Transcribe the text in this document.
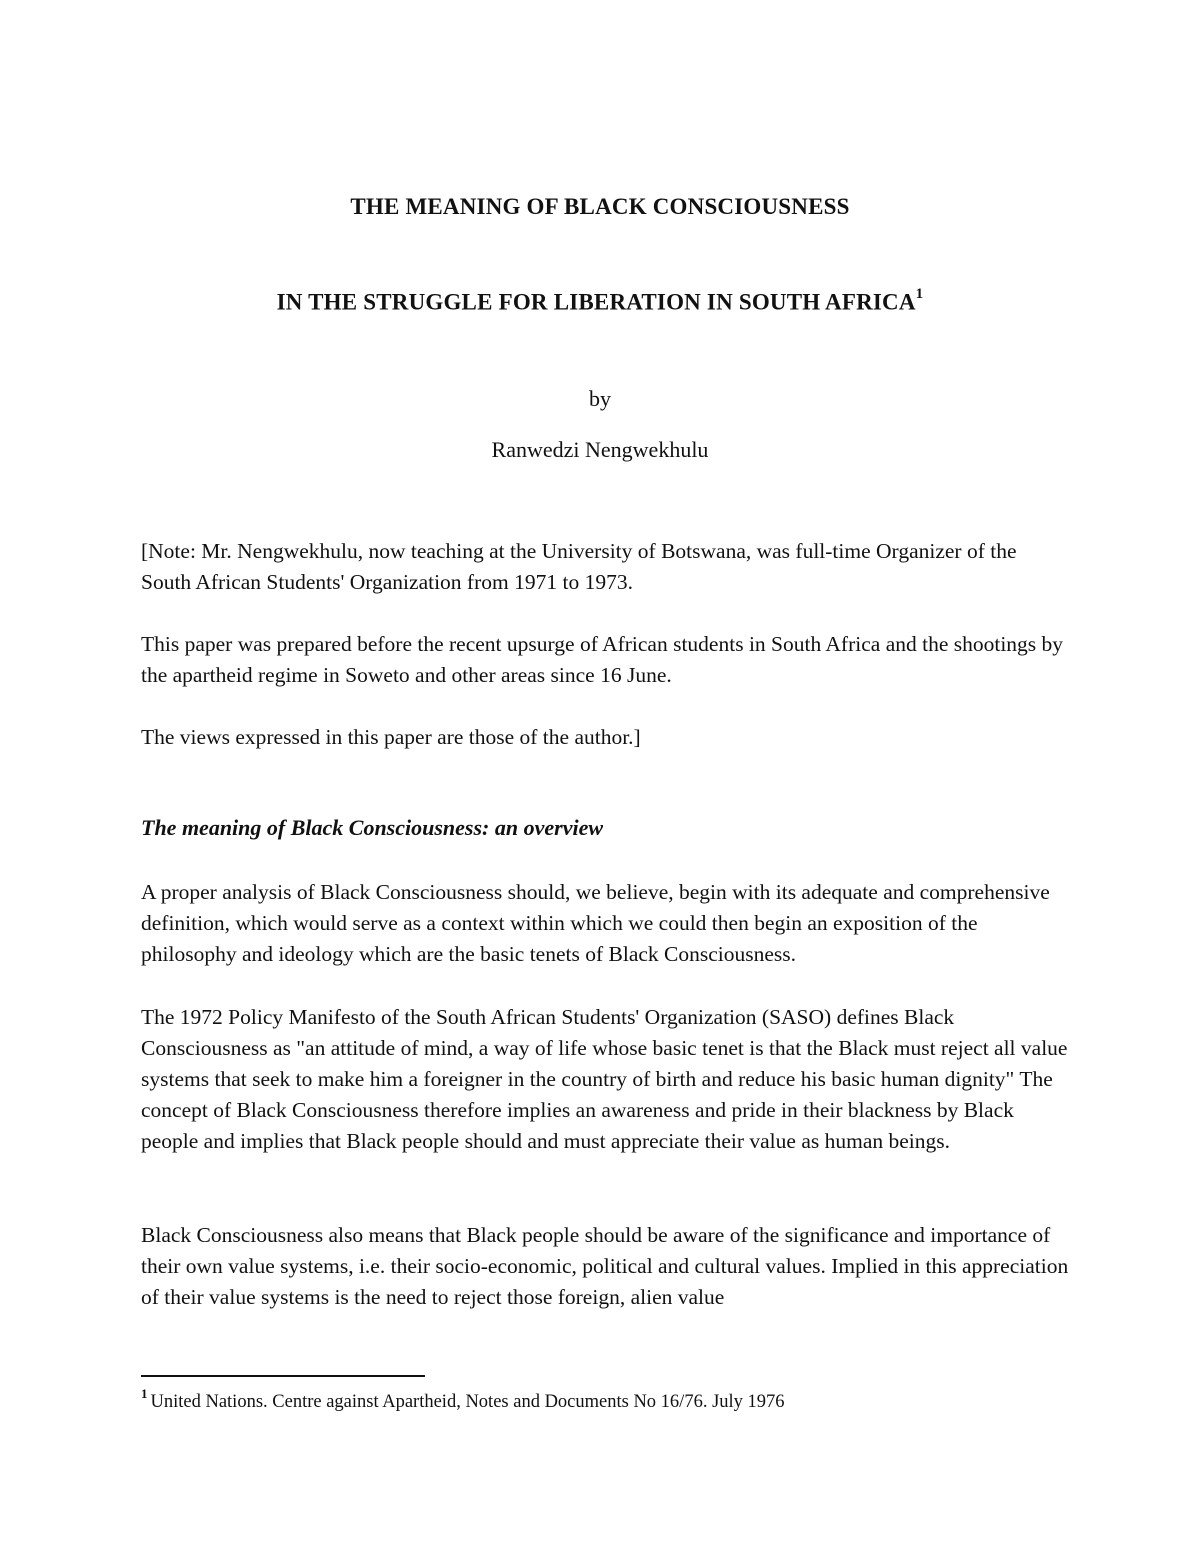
THE MEANING OF BLACK CONSCIOUSNESS
IN THE STRUGGLE FOR LIBERATION IN SOUTH AFRICA$^1$
by
Ranwedzi Nengwekhulu

[Note: Mr. Nengwekhulu, now teaching at the University of Botswana, was full-time Organizer of the South African Students' Organization from 1971 to 1973.

This paper was prepared before the recent upsurge of African students in South Africa and the shootings by the apartheid regime in Soweto and other areas since 16 June.

The views expressed in this paper are those of the author.]

The meaning of Black Consciousness: an overview

A proper analysis of Black Consciousness should, we believe, begin with its adequate and comprehensive definition, which would serve as a context within which we could then begin an exposition of the philosophy and ideology which are the basic tenets of Black Consciousness.

The 1972 Policy Manifesto of the South African Students' Organization (SASO) defines Black Consciousness as "an attitude of mind, a way of life whose basic tenet is that the Black must reject all value systems that seek to make him a foreigner in the country of birth and reduce his basic human dignity" The concept of Black Consciousness therefore implies an awareness and pride in their blackness by Black people and implies that Black people should and must appreciate their value as human beings.

Black Consciousness also means that Black people should be aware of the significance and importance of their own value systems, i.e. their socio-economic, political and cultural values. Implied in this appreciation of their value systems is the need to reject those foreign, alien value

$^1$ United Nations. Centre against Apartheid, Notes and Documents No 16/76. July 1976
